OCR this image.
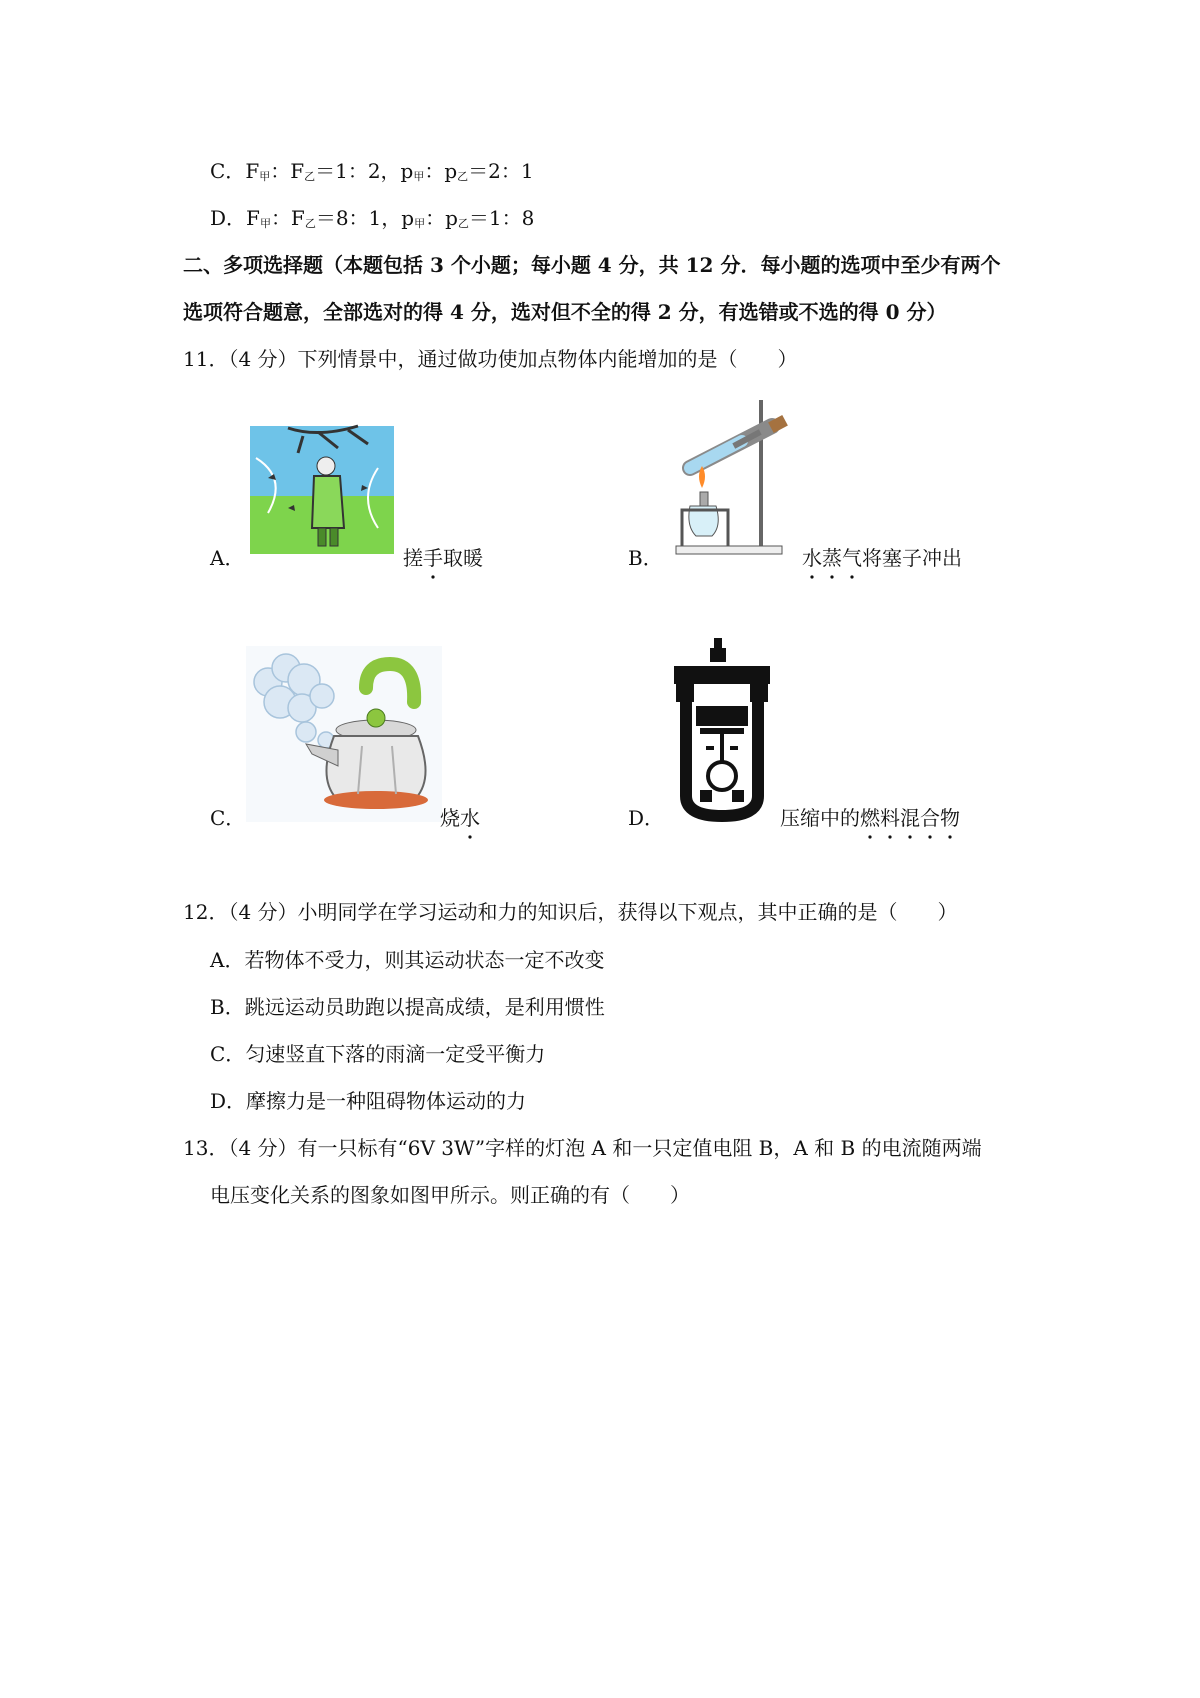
C．$F_甲$：$F_乙=1$：2，$p_甲$：$p_乙=2$：1
D．$F_甲$：$F_乙=8$：1，$p_甲$：$p_乙=1$：8
二、多项选择题（本题包括 3 个小题；每小题 4 分，共 12 分．每小题的选项中至少有两个
选项符合题意，全部选对的得 4 分，选对但不全的得 2 分，有选错或不选的得 0 分）
11．（4 分）下列情景中，通过做功使加点物体内能增加的是（　　）
A．	搓手
取暖	B．	水蒸气
将塞子冲出
C．	烧水	D．	压缩中的燃料混合物
12．（4 分）小明同学在学习运动和力的知识后，获得以下观点，其中正确的是（　　）
A．若物体不受力，则其运动状态一定不改变
B．跳远运动员助跑以提高成绩，是利用惯性
C．匀速竖直下落的雨滴一定受平衡力
D．摩擦力是一种阻碍物体运动的力
13．（4 分）有一只标有“6V 3W”字样的灯泡 A 和一只定值电阻 B，A 和 B 的电流随两端
电压变化关系的图象如图甲所示。则正确的有（　　）
